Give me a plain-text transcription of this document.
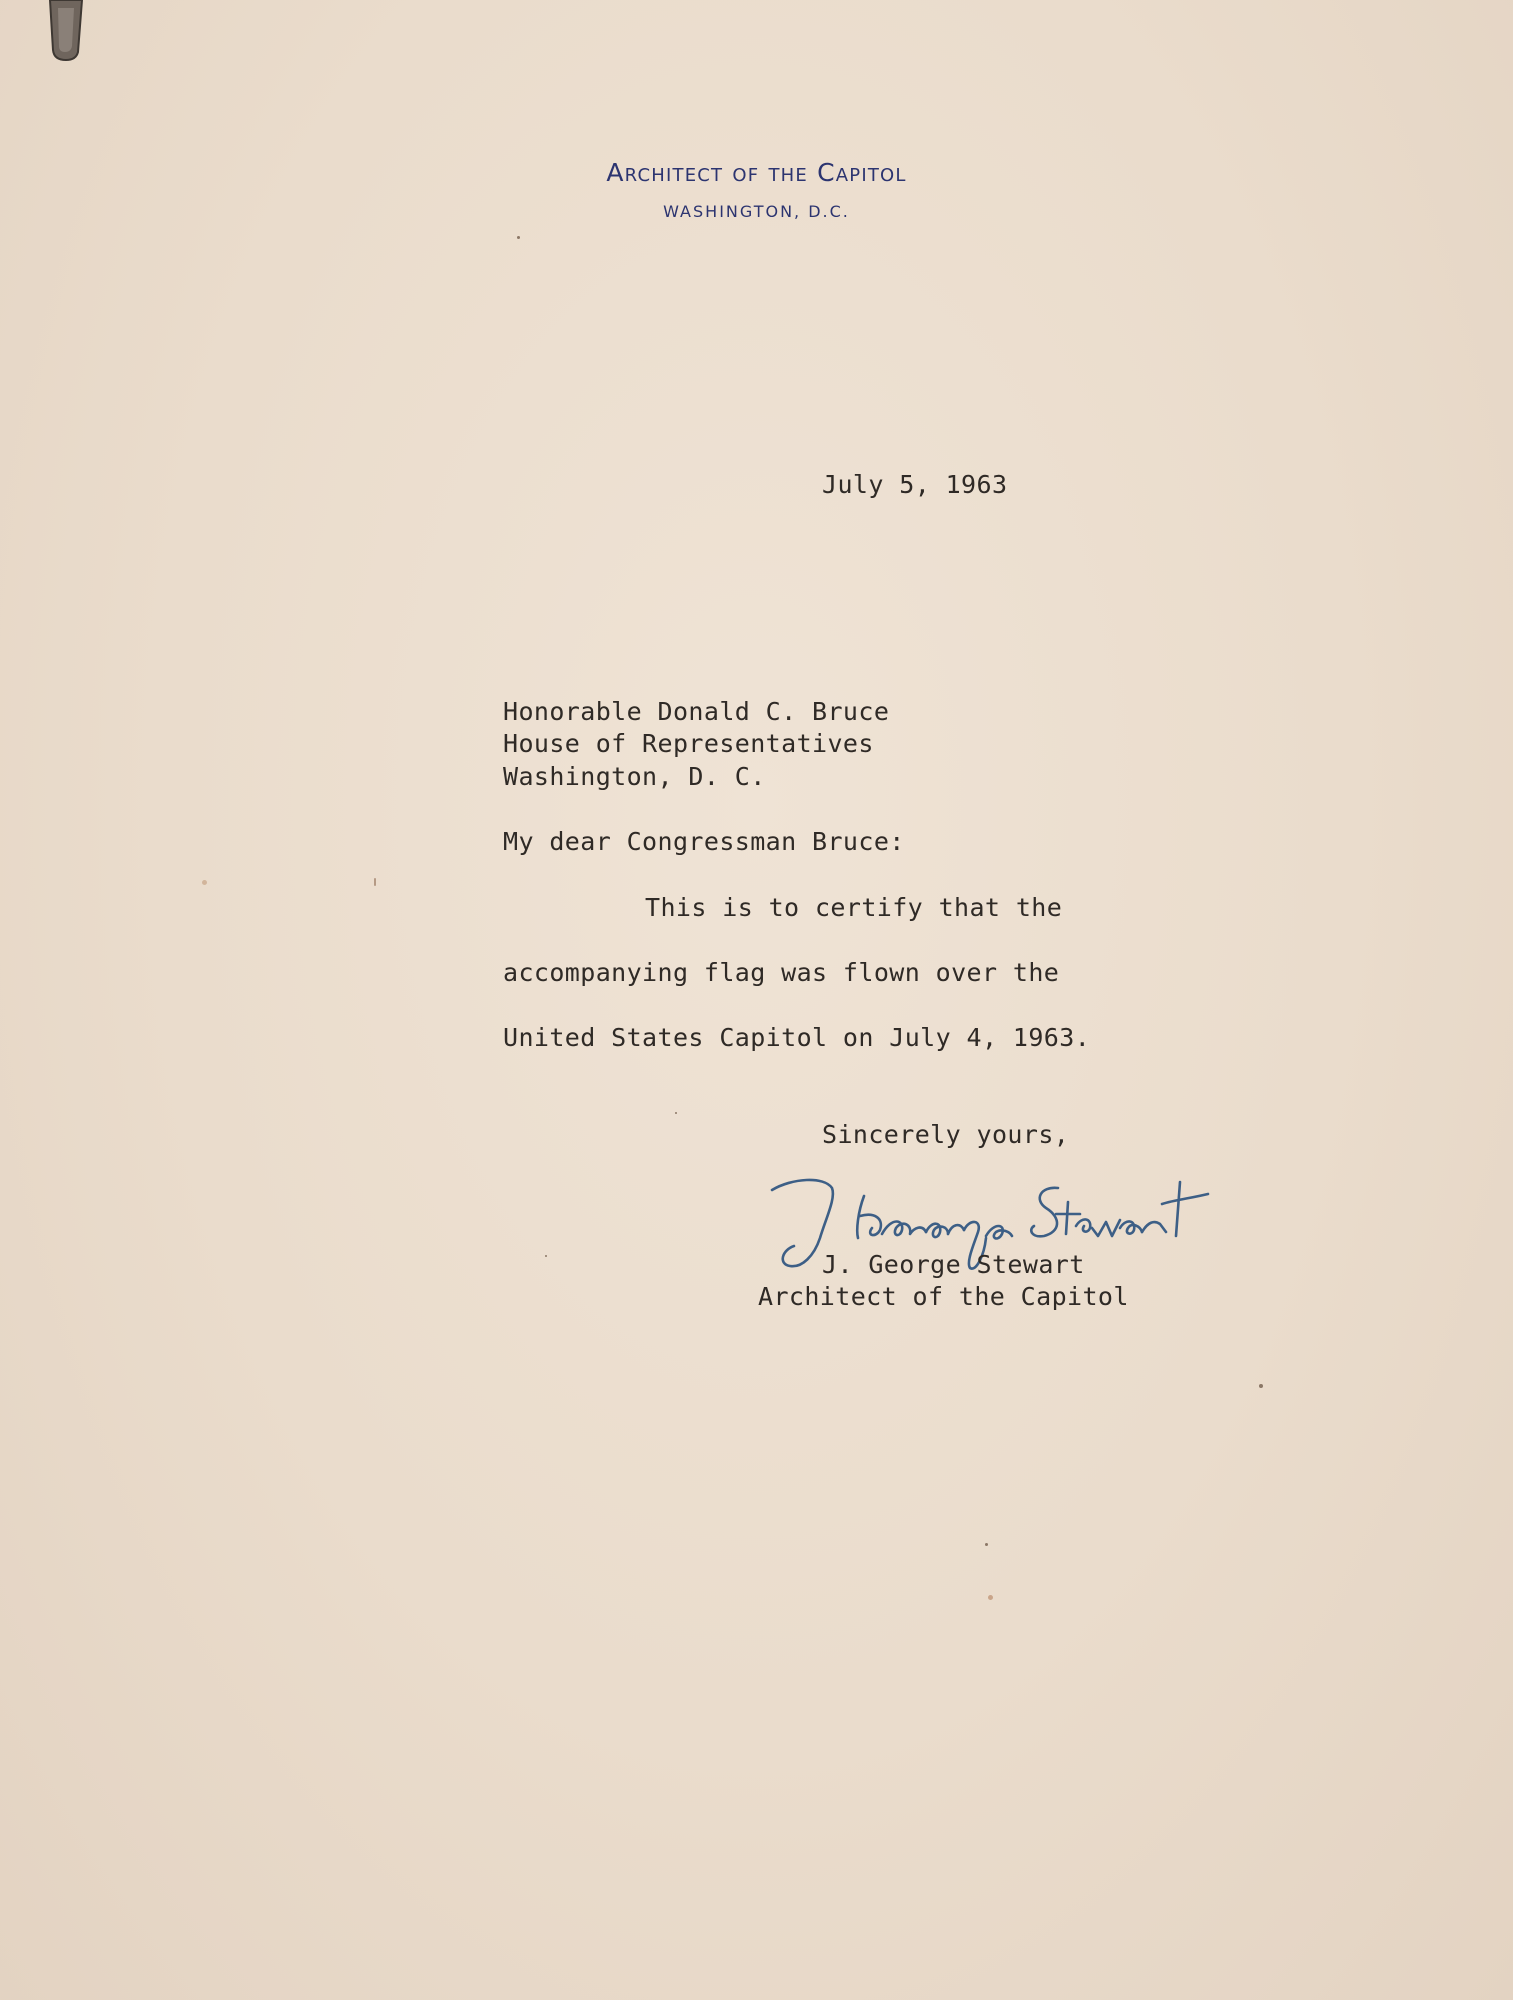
Architect of the Capitol
WASHINGTON, D.C.
July 5, 1963
Honorable Donald C. Bruce
House of Representatives
Washington, D. C.
My dear Congressman Bruce:
This is to certify that the
accompanying flag was flown over the
United States Capitol on July 4, 1963.
Sincerely yours,
J. George Stewart
Architect of the Capitol
